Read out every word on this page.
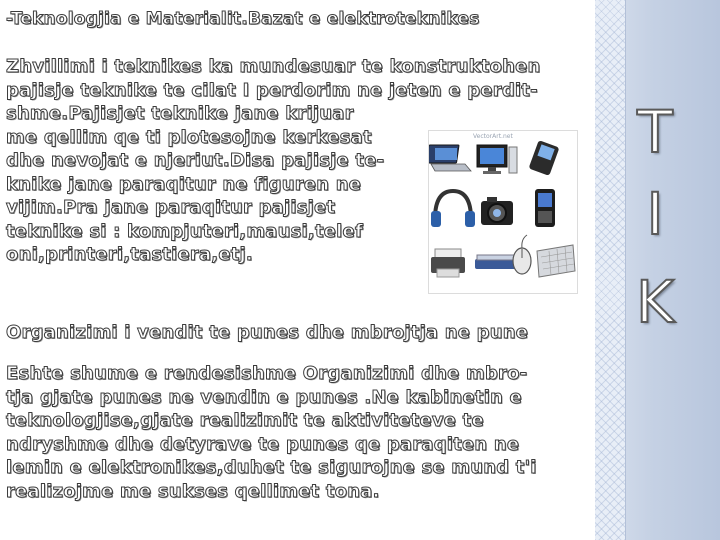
T
I
K
-Teknologjia e Materialit.Bazat e elektroteknikes
Zhvillimi i teknikes ka mundesuar te konstruktohen
pajisje teknike te cilat I perdorim ne jeten e perdit-
shme.Pajisjet teknike jane krijuar
me qellim qe ti plotesojne kerkesat
dhe nevojat e njeriut.Disa pajisje te-
knike jane paraqitur ne figuren ne
vijim.Pra jane paraqitur pajisjet
teknike si : kompjuteri,mausi,telef
oni,printeri,tastiera,etj.
VectorArt.net
Organizimi i vendit te punes dhe mbrojtja ne pune
Eshte shume e rendesishme Organizimi dhe mbro-
tja gjate punes ne vendin e punes .Ne kabinetin e
teknologjise,gjate realizimit te aktiviteteve te
ndryshme dhe detyrave te punes qe paraqiten ne
lemin e elektronikes,duhet te sigurojne se mund t'i
realizojme me sukses qellimet tona.
